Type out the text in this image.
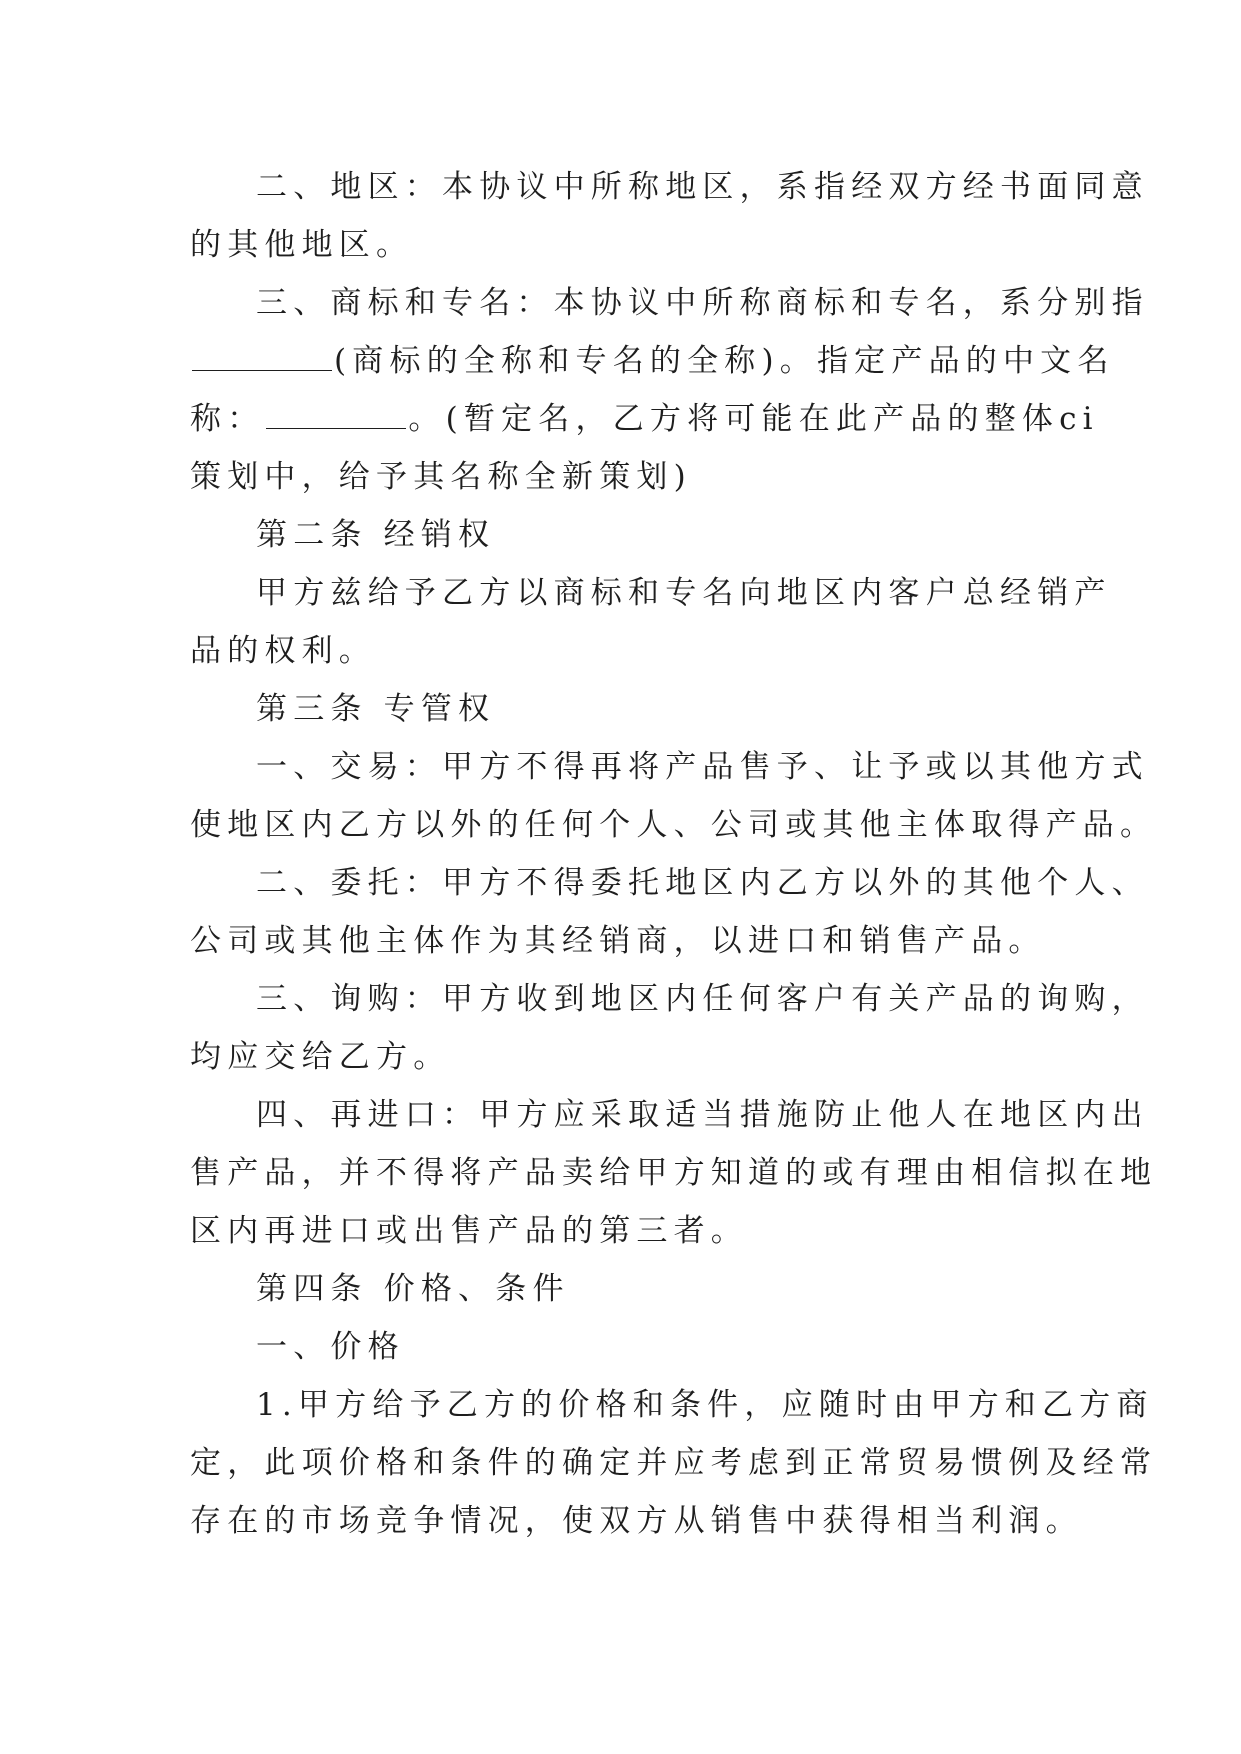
二、地区：本协议中所称地区，系指经双方经书面同意
的其他地区。
三、商标和专名：本协议中所称商标和专名，系分别指
(商标的全称和专名的全称)。指定产品的中文名
称：	。(暂定名，乙方将可能在此产品的整体ci
策划中，给予其名称全新策划)
第二条 经销权
甲方兹给予乙方以商标和专名向地区内客户总经销产
品的权利。
第三条 专管权
一、交易：甲方不得再将产品售予、让予或以其他方式
使地区内乙方以外的任何个人、公司或其他主体取得产品。
二、委托：甲方不得委托地区内乙方以外的其他个人、
公司或其他主体作为其经销商，以进口和销售产品。
三、询购：甲方收到地区内任何客户有关产品的询购，
均应交给乙方。
四、再进口：甲方应采取适当措施防止他人在地区内出
售产品，并不得将产品卖给甲方知道的或有理由相信拟在地
区内再进口或出售产品的第三者。
第四条 价格、条件
一、价格
1.甲方给予乙方的价格和条件，应随时由甲方和乙方商
定，此项价格和条件的确定并应考虑到正常贸易惯例及经常
存在的市场竞争情况，使双方从销售中获得相当利润。
